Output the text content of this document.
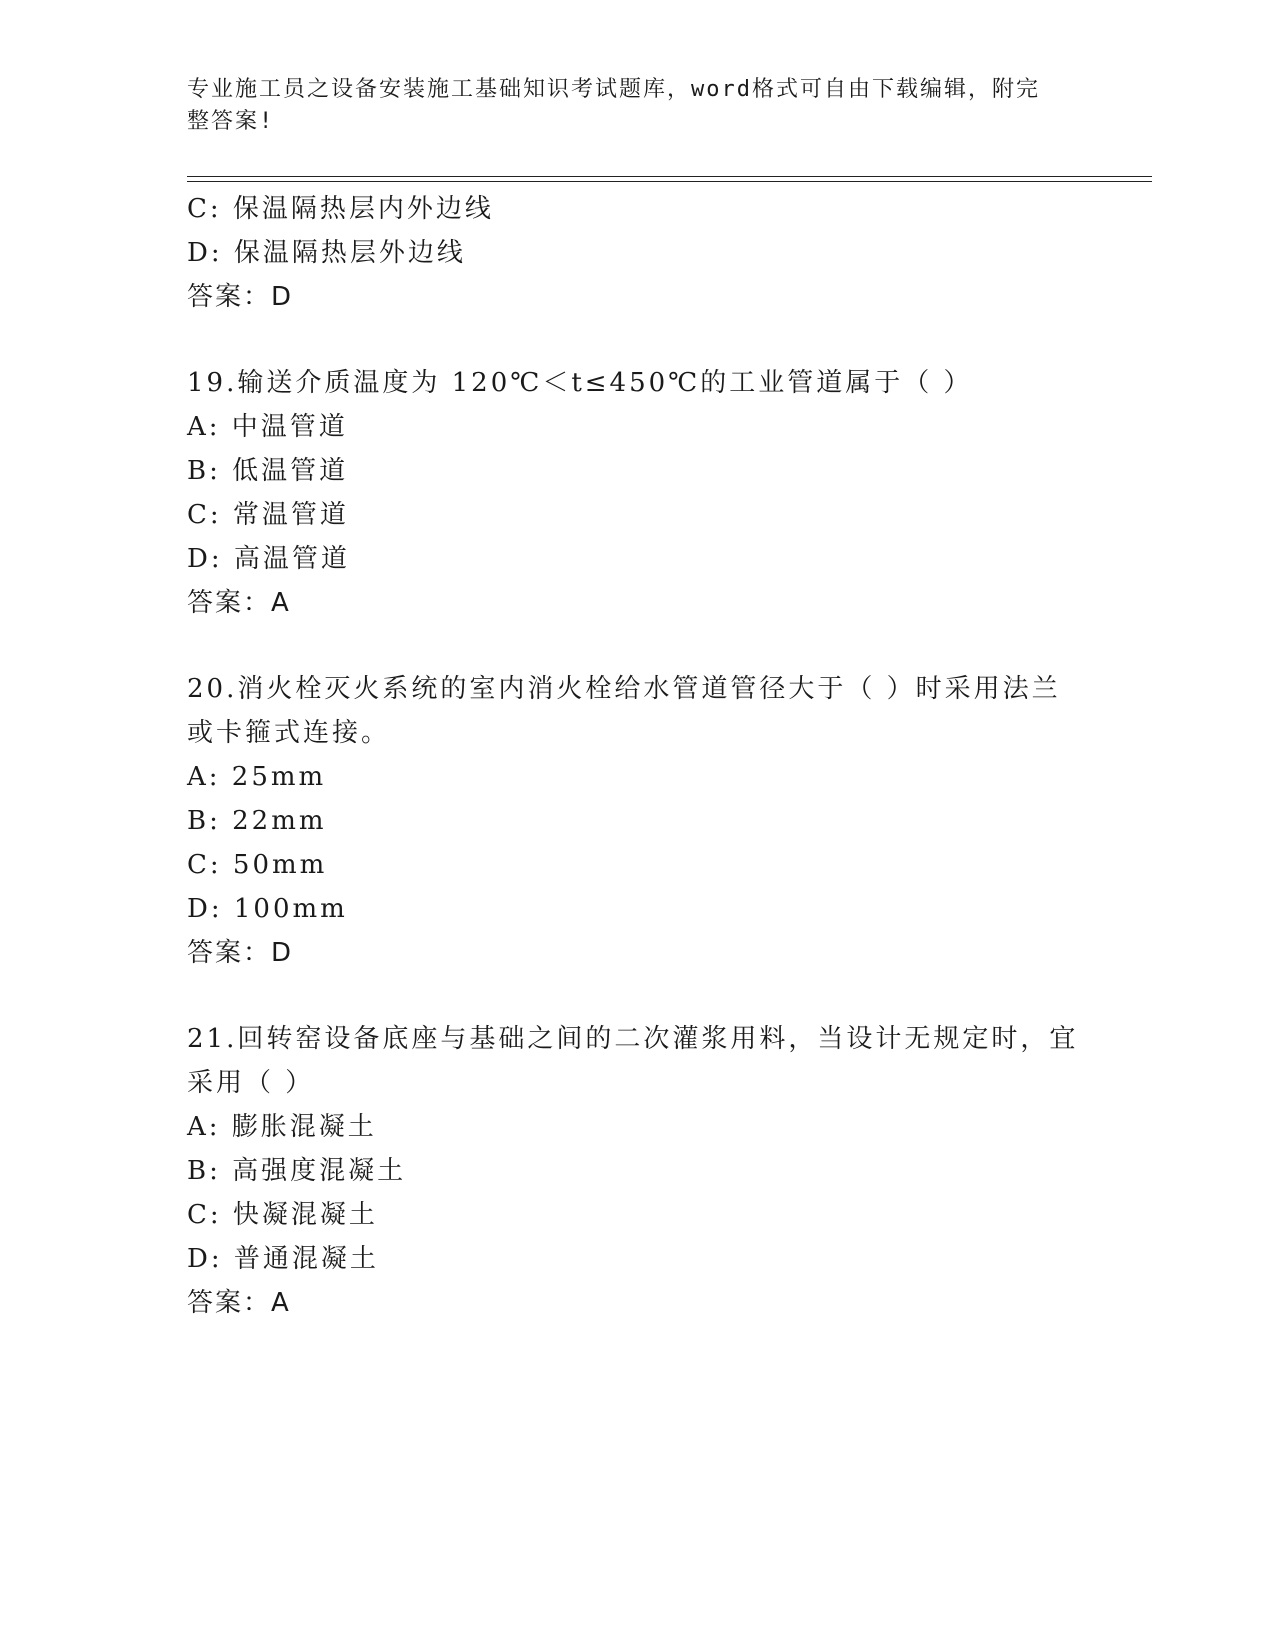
专业施工员之设备安装施工基础知识考试题库，word格式可自由下载编辑，附完
整答案!
C: 保温隔热层内外边线
D: 保温隔热层外边线
答案：D
19.输送介质温度为 120℃＜t≤450℃的工业管道属于（ ）
A: 中温管道
B: 低温管道
C: 常温管道
D: 高温管道
答案：A
20.消火栓灭火系统的室内消火栓给水管道管径大于（ ）时采用法兰
或卡箍式连接。
A: 25mm
B: 22mm
C: 50mm
D: 100mm
答案：D
21.回转窑设备底座与基础之间的二次灌浆用料，当设计无规定时，宜
采用（ ）
A: 膨胀混凝土
B: 高强度混凝土
C: 快凝混凝土
D: 普通混凝土
答案：A
